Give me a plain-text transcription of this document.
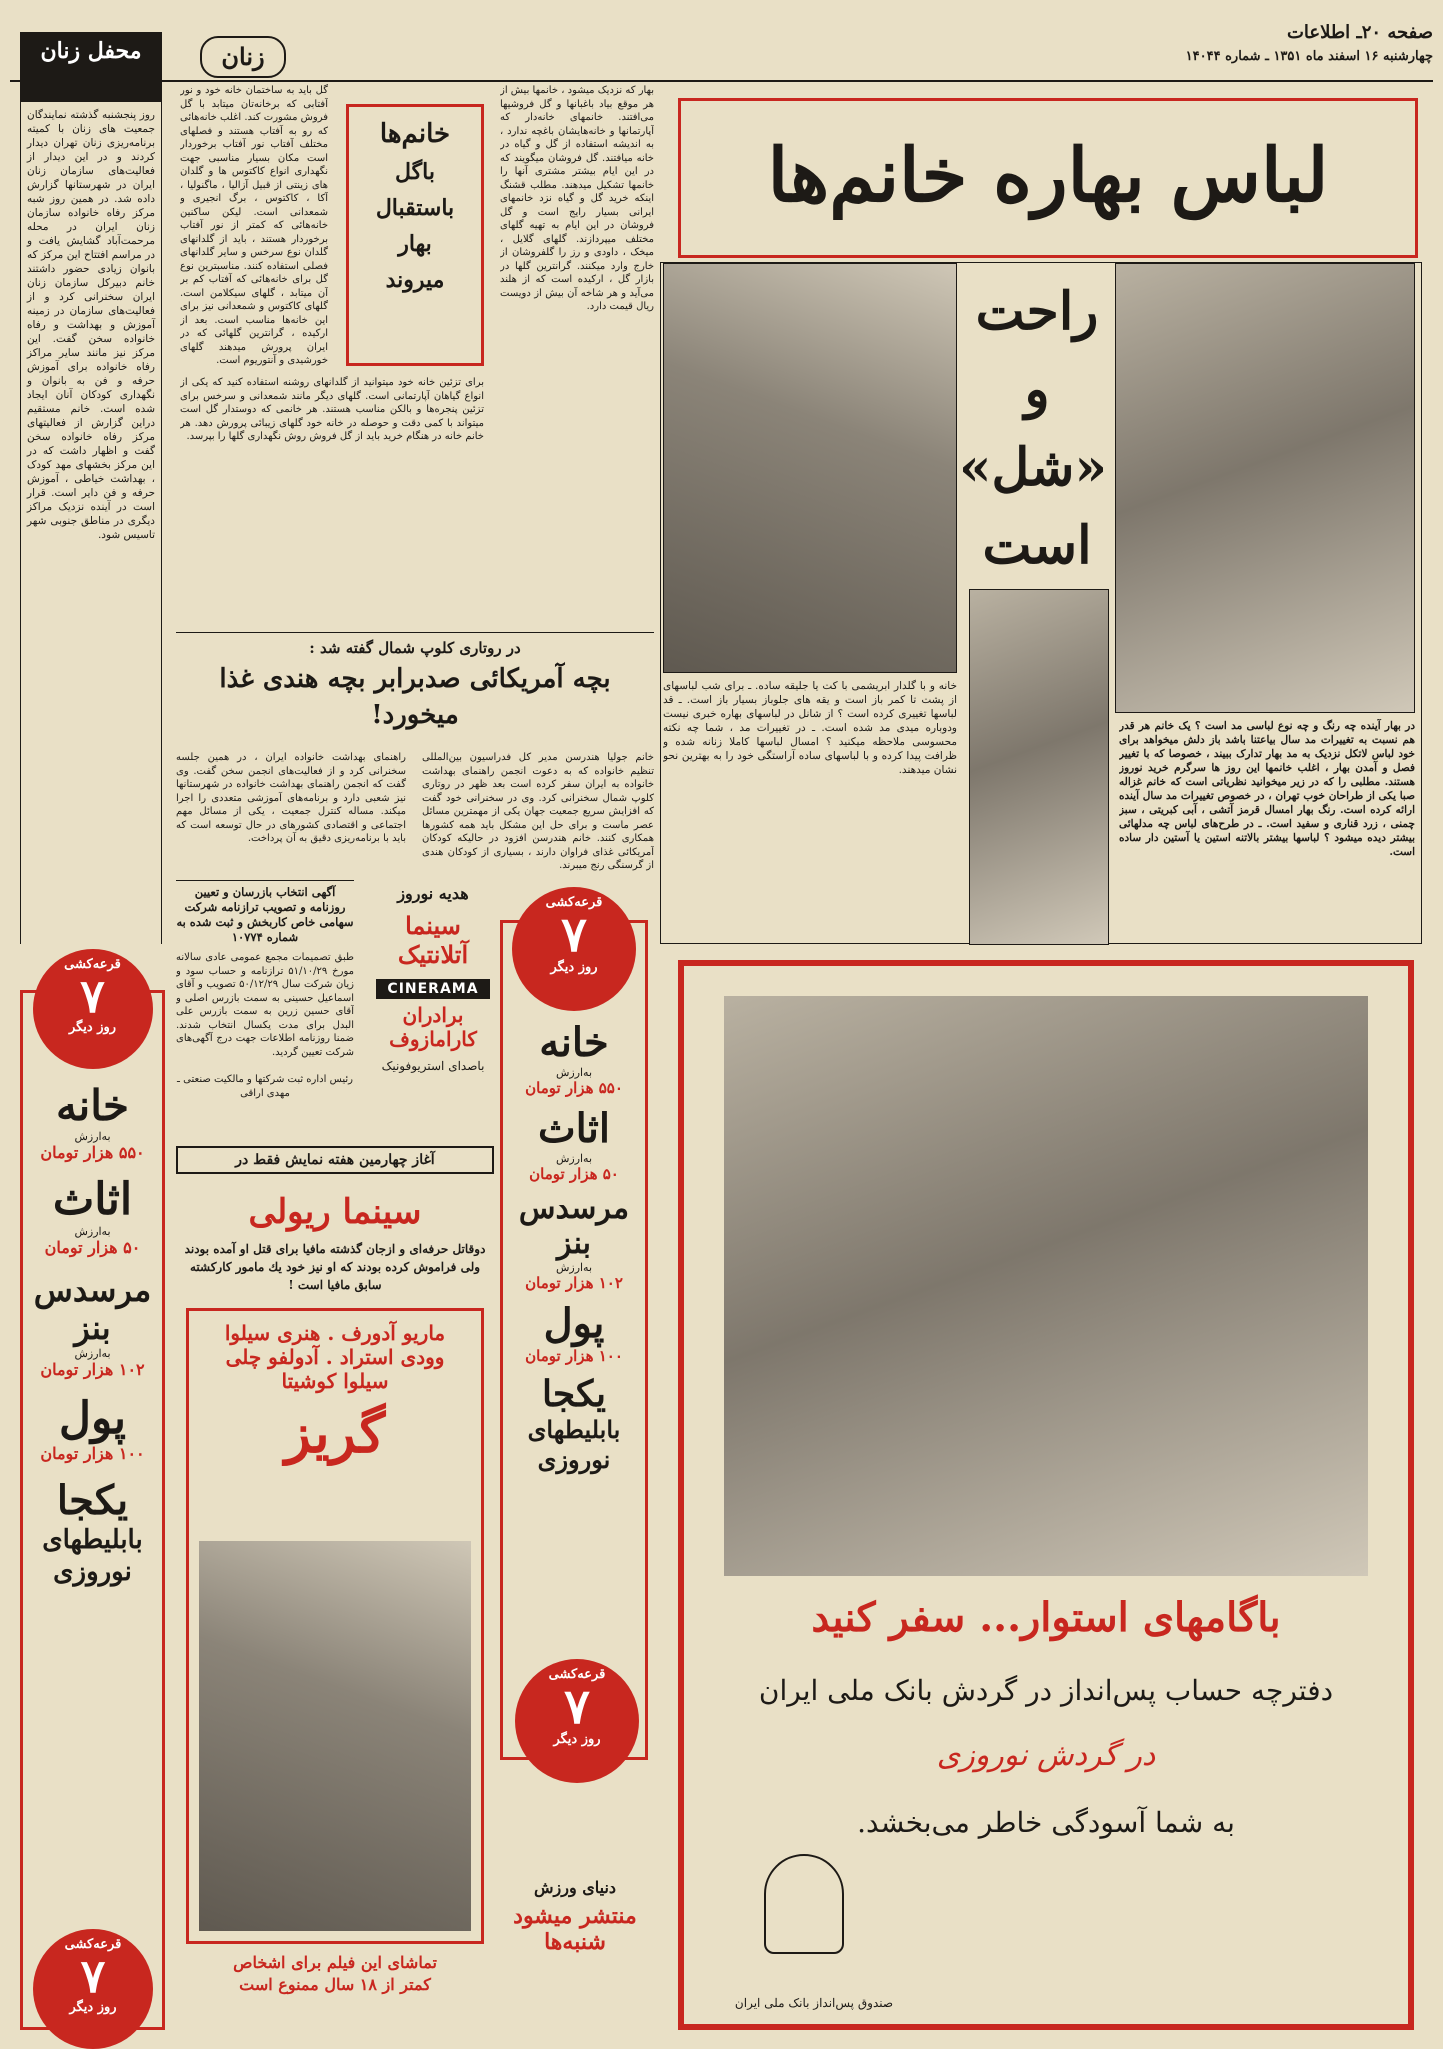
صفحه ۲۰ـ اطلاعات
چهارشنبه ۱۶ اسفند ماه ۱۳۵۱ ـ شماره ۱۴۰۴۴
زنان
محفل زنان
روز پنجشنبه گذشته نمایندگان جمعیت های زنان با کمیته برنامه‌ریزی زنان تهران دیدار کردند و در این دیدار از فعالیت‌های سازمان زنان ایران در شهرستانها گزارش داده شد. در همین روز شبه مرکز رفاه خانواده سازمان زنان ایران در محله مرحمت‌آباد گشایش یافت و در مراسم افتتاح این مرکز که بانوان زیادی حضور داشتند خانم دبیرکل سازمان زنان ایران سخنرانی کرد و از فعالیت‌های سازمان در زمینه آموزش و بهداشت و رفاه خانواده سخن گفت. این مرکز نیز مانند سایر مراکز رفاه خانواده برای آموزش حرفه و فن به بانوان و نگهداری کودکان آنان ایجاد شده است. خانم مستقیم دراین گزارش از فعالیتهای مرکز رفاه خانواده سخن گفت و اظهار داشت که در این مرکز بخشهای مهد کودک ، بهداشت خیاطی ، آموزش حرفه و فن دایر است. قرار است در آینده نزدیک مراکز دیگری در مناطق جنوبی شهر تاسیس شود.
قرعه‌کشی
۷
روز دیگر
خانه
به‌ارزش
۵۵۰ هزار تومان
اثاث
به‌ارزش
۵۰ هزار تومان
مرسدس بنز
به‌ارزش
۱۰۲ هزار تومان
پول
۱۰۰ هزار تومان
یکجا
بابلیطهای نوروزی
قرعه‌کشی
۷
روز دیگر
گل باید به ساختمان خانه خود و نور آفتابی که برخانه‌تان میتابد با گل فروش مشورت کند. اغلب خانه‌هائی که رو به آفتاب هستند و فصلهای مختلف آفتاب نور آفتاب برخوردار است مکان بسیار مناسبی جهت نگهداری انواع کاکتوس ها و گلدان های زینتی از قبیل آزالیا ، ماگنولیا ، آکا ، کاکتوس ، برگ انجیری و شمعدانی است. لیکن ساکنین خانه‌هائی که کمتر از نور آفتاب برخوردار هستند ، باید از گلدانهای گلدان نوع سرخس و سایر گلدانهای فصلی استفاده کنند. مناسبترین نوع گل برای خانه‌هائی که آفتاب کم بر آن میتابد ، گلهای سیکلامن است. گلهای کاکتوس و شمعدانی نیز برای این خانه‌ها مناسب است. بعد از ارکیده ، گرانترین گلهائی که در ایران پرورش میدهند گلهای خورشیدی و آنتوریوم است.
خانم‌ها
باگل
باستقبال
بهار
میروند
بهار که نزدیک میشود ، خانمها بیش از هر موقع بیاد باغبانها و گل فروشیها می‌افتند. خانمهای خانه‌دار که آپارتمانها و خانه‌هایشان باغچه ندارد ، به اندیشه استفاده از گل و گیاه در خانه میافتند. گل فروشان میگویند که در این ایام بیشتر مشتری آنها را خانمها تشکیل میدهند. مطلب قشنگ اینکه خرید گل و گیاه نزد خانمهای ایرانی بسیار رایج است و گل فروشان در این ایام به تهیه گلهای مختلف میپردازند. گلهای گلایل ، میخک ، داودی و رز را گلفروشان از خارج وارد میکنند. گرانترین گلها در بازار گل ، ارکیده است که از هلند می‌آید و هر شاخه آن بیش از دویست ریال قیمت دارد.
برای تزئین خانه خود میتوانید از گلدانهای روشنه استفاده کنید که یکی از انواع گیاهان آپارتمانی است. گلهای دیگر مانند شمعدانی و سرخس برای تزئین پنجره‌ها و بالکن مناسب هستند. هر خانمی که دوستدار گل است میتواند با کمی دقت و حوصله در خانه خود گلهای زیبائی پرورش دهد. هر خانم خانه در هنگام خرید باید از گل فروش روش نگهداری گلها را بپرسد.
در روتاری کلوپ شمال گفته شد :
بچه‌ آمریکائی صدبرابر بچه‌ هندی غذا میخورد!
راهنمای بهداشت خانواده ایران ، در همین جلسه سخنرانی کرد و از فعالیت‌های انجمن سخن گفت. وی گفت که انجمن راهنمای بهداشت خانواده در شهرستانها نیز شعبی دارد و برنامه‌های آموزشی متعددی را اجرا میکند. مساله کنترل جمعیت ، یکی از مسائل مهم اجتماعی و اقتصادی کشورهای در حال توسعه است که باید با برنامه‌ریزی دقیق به آن پرداخت.
خانم جولیا هندرسن مدیر کل فدراسیون بین‌المللی تنظیم خانواده که به دعوت انجمن راهنمای بهداشت خانواده به ایران سفر کرده است بعد ظهر در روتاری کلوپ شمال سخنرانی کرد. وی در سخنرانی خود گفت که افزایش سریع جمعیت جهان یکی از مهمترین مسائل عصر ماست و برای حل این مشکل باید همه کشورها همکاری کنند. خانم هندرسن افزود در حالیکه کودکان آمریکائی غذای فراوان دارند ، بسیاری از کودکان هندی از گرسنگی رنج میبرند.
لباس بهاره خانم‌ها
راحت و «شل» است
خانه و با گلدار ابریشمی با کت یا جلیقه ساده. ـ برای شب لباسهای از پشت تا کمر باز است و یقه های جلوباز بسیار باز است. ـ قد لباسها تغییری کرده است ؟ از شانل در لباسهای بهاره خبری نیست ودوباره میدی مد شده است. ـ در تغییرات مد ، شما چه نکته محسوسی ملاحظه میکنید ؟ امسال لباسها کاملا زنانه شده و ظرافت پیدا کرده و با لباسهای ساده آراستگی خود را به بهترین نحو نشان میدهند.
در بهار آینده چه رنگ و چه نوع لباسی مد است ؟ یک خانم هر قدر هم نسبت به تغییرات مد سال بیاعتنا باشد باز دلش میخواهد برای خود لباس لاتکل نزدیک به مد بهار تدارک ببیند ، خصوصا که با تغییر فصل و آمدن بهار ، اغلب خانمها این روز ها سرگرم خرید نوروز هستند. مطلبی را که در زیر میخوانید نظریاتی است که خانم غزاله صبا یکی از طراحان خوب تهران ، در خصوص تغییرات مد سال آینده ارائه کرده است. رنگ بهار امسال قرمز آتشی ، آبی کبریتی ، سبز چمنی ، زرد قناری و سفید است. ـ در طرح‌های لباس چه مدلهائی بیشتر دیده میشود ؟ لباسها بیشتر بالاتنه استین یا آستین دار ساده است.
آگهی انتخاب بازرسان و تعیین روزنامه و تصویب ترازنامه شرکت سهامی خاص کاربخش و ثبت شده به شماره ۱۰۷۷۴
طبق تصمیمات مجمع عمومی عادی سالانه مورخ ۵۱/۱۰/۲۹ ترازنامه و حساب سود و زیان شرکت سال ۵۰/۱۲/۲۹ تصویب و آقای اسماعیل حسینی به سمت بازرس اصلی و آقای حسین زرین به سمت بازرس علی البدل برای مدت یکسال انتخاب شدند. ضمنا روزنامه اطلاعات جهت درج آگهی‌های شرکت تعیین گردید.
رئیس اداره ثبت شرکتها و مالکیت صنعتی ـ مهدی اراقی
هدیه نوروز
سینما
آتلانتیک
CINERAMA
برادران کارامازوف
باصدای استریوفونیک
قرعه‌کشی
۷
روز دیگر
خانه
به‌ارزش
۵۵۰ هزار تومان
اثاث
به‌ارزش
۵۰ هزار تومان
مرسدس بنز
به‌ارزش
۱۰۲ هزار تومان
پول
۱۰۰ هزار تومان
یکجا
بابلیطهای نوروزی
قرعه‌کشی
۷
روز دیگر
آغاز چهارمین هفته نمایش فقط در
سینما ریولی
دوقاتل حرفه‌ای و ازجان گذشته مافیا برای قتل او آمده بودند ولی فراموش کرده بودند که او نیز خود یك مامور کارکشته سابق مافیا است !
ماریو آدورف . هنری سیلوا
وودی استراد . آدولفو چلی
سیلوا کوشیتا
گریز
تماشای این فیلم برای اشخاص کمتر از ۱۸ سال ممنوع است
دنیای ورزش
منتشر میشود
شنبه‌ها
باگامهای استوار... سفر کنید
دفترچه حساب پس‌انداز در گردش بانک ملی ایران
در گردش نوروزی
به شما آسودگی خاطر می‌بخشد.
صندوق پس‌انداز بانک ملی ایران
